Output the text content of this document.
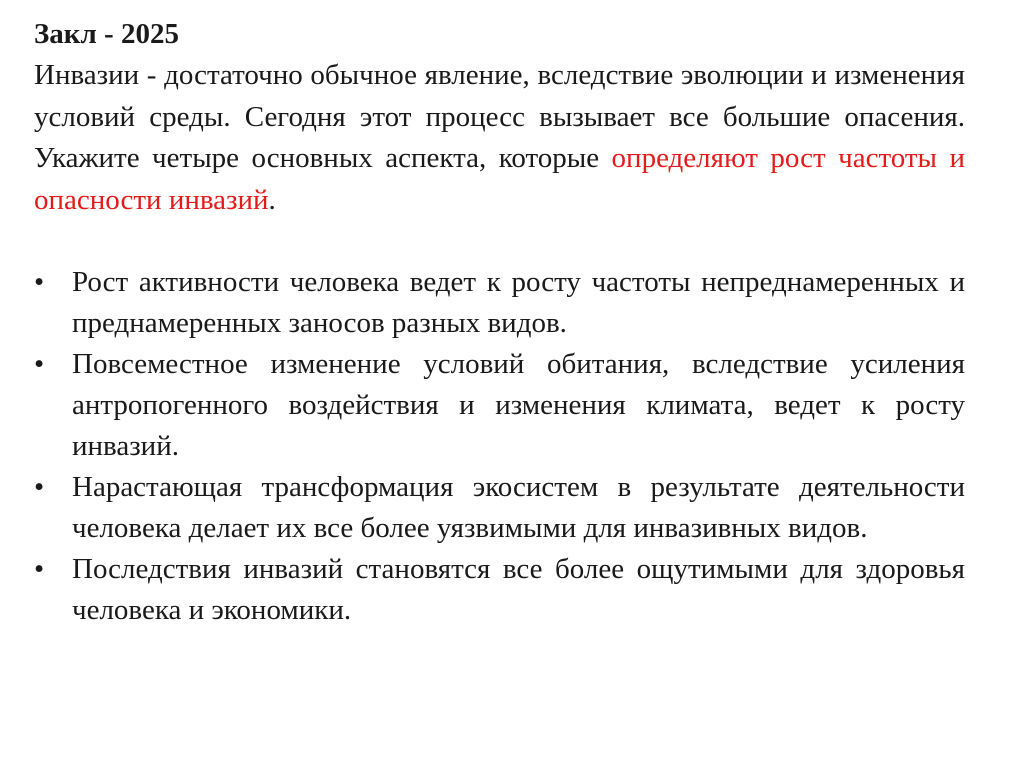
Закл - 2025

Инвазии - достаточно обычное явление, вследствие эволюции и изменения условий среды. Сегодня этот процесс вызывает все большие опасения. Укажите четыре основных аспекта, которые определяют рост частоты и опасности инвазий.

• Рост активности человека ведет к росту частоты непреднамеренных и преднамеренных заносов разных видов.
• Повсеместное изменение условий обитания, вследствие усиления антропогенного воздействия и изменения климата, ведет к росту инвазий.
• Нарастающая трансформация экосистем в результате деятельности человека делает их все более уязвимыми для инвазивных видов.
• Последствия инвазий становятся все более ощутимыми для здоровья человека и экономики.
